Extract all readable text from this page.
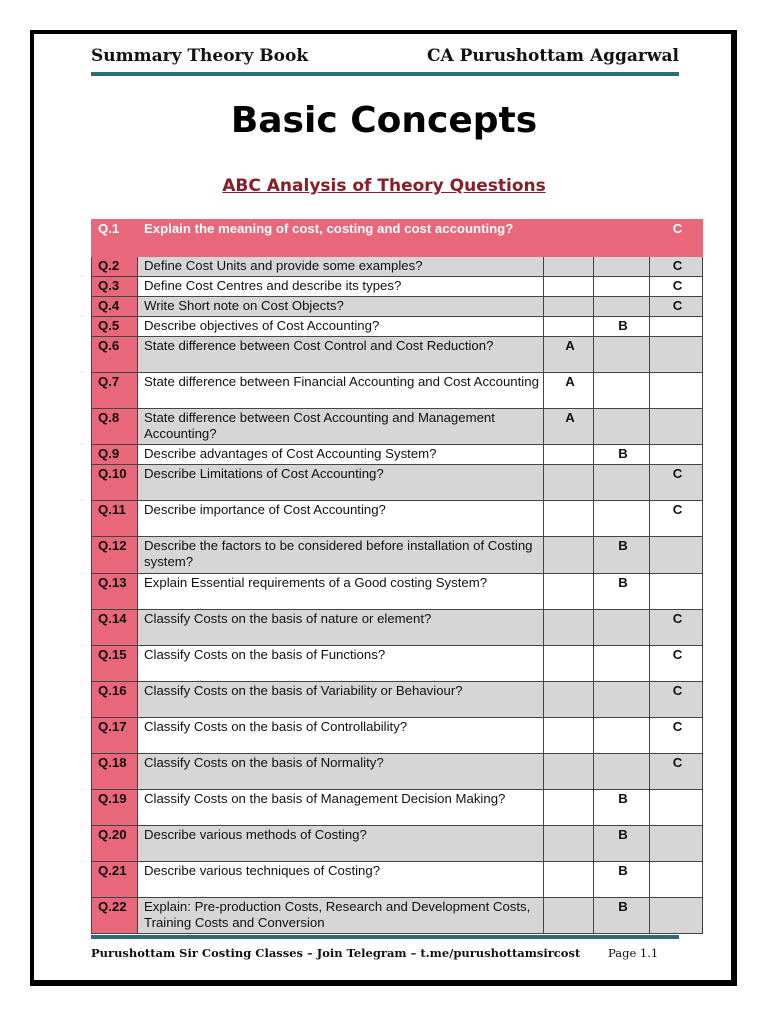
Summary Theory Book	CA Purushottam Aggarwal
Basic Concepts
ABC Analysis of Theory Questions
Q.1	Explain the meaning of cost, costing and cost accounting?			C
Q.2	Define Cost Units and provide some examples?			C
Q.3	Define Cost Centres and describe its types?			C
Q.4	Write Short note on Cost Objects?			C
Q.5	Describe objectives of Cost Accounting?		B	
Q.6	State difference between Cost Control and Cost Reduction?	A		
Q.7	State difference between Financial Accounting and Cost Accounting	A		
Q.8	State difference between Cost Accounting and Management Accounting?	A		
Q.9	Describe advantages of Cost Accounting System?		B	
Q.10	Describe Limitations of Cost Accounting?			C
Q.11	Describe importance of Cost Accounting?			C
Q.12	Describe the factors to be considered before installation of Costing system?		B	
Q.13	Explain Essential requirements of a Good costing System?		B	
Q.14	Classify Costs on the basis of nature or element?			C
Q.15	Classify Costs on the basis of Functions?			C
Q.16	Classify Costs on the basis of Variability or Behaviour?			C
Q.17	Classify Costs on the basis of Controllability?			C
Q.18	Classify Costs on the basis of Normality?			C
Q.19	Classify Costs on the basis of Management Decision Making?		B	
Q.20	Describe various methods of Costing?		B	
Q.21	Describe various techniques of Costing?		B	
Q.22	Explain: Pre-production Costs, Research and Development Costs, Training Costs and Conversion		B	
Purushottam Sir Costing Classes – Join Telegram – t.me/purushottamsircost Page 1.1
